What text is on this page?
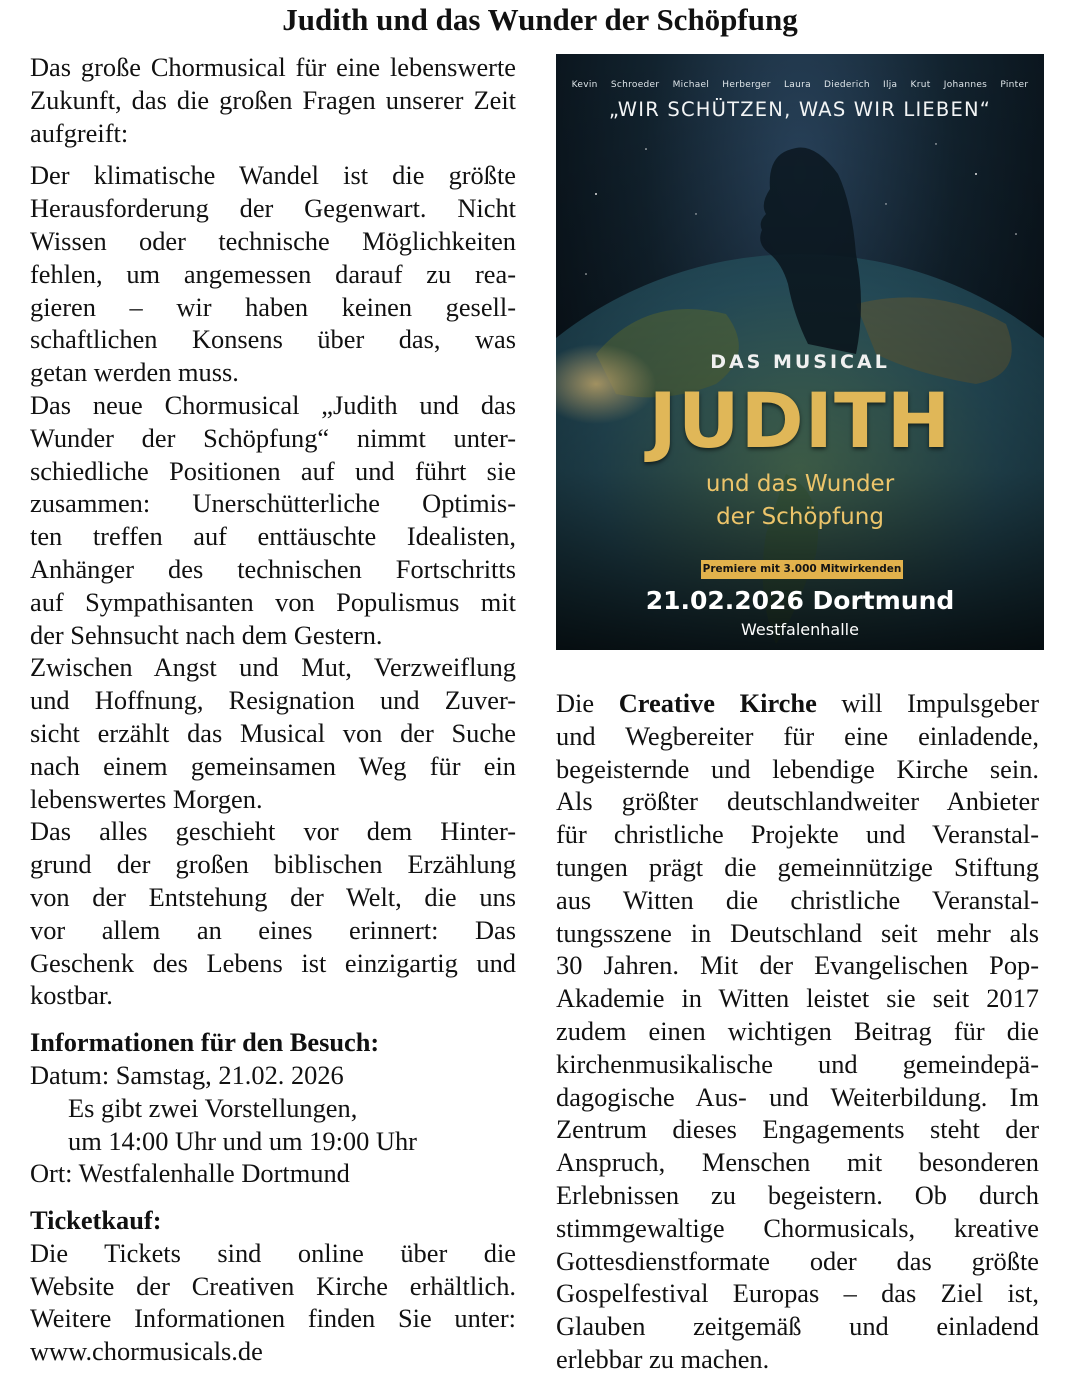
Judith und das Wunder der Schöpfung

Das große Chormusical für eine lebenswerte Zukunft, das die großen Fragen unserer Zeit aufgreift:

Der klimatische Wandel ist die größte

Herausforderung der Gegenwart. Nicht

Wissen oder technische Möglichkeiten

fehlen, um angemessen darauf zu rea-

gieren – wir haben keinen gesell-

schaftlichen Konsens über das, was

getan werden muss.

Das neue Chormusical „Judith und das

Wunder der Schöpfung“ nimmt unter-

schiedliche Positionen auf und führt sie

zusammen: Unerschütterliche Optimis-

ten treffen auf enttäuschte Idealisten,

Anhänger des technischen Fortschritts

auf Sympathisanten von Populismus mit

der Sehnsucht nach dem Gestern.

Zwischen Angst und Mut, Verzweiflung

und Hoffnung, Resignation und Zuver-

sicht erzählt das Musical von der Suche

nach einem gemeinsamen Weg für ein

lebenswertes Morgen.

Das alles geschieht vor dem Hinter-

grund der großen biblischen Erzählung

von der Entstehung der Welt, die uns

vor allem an eines erinnert: Das

Geschenk des Lebens ist einzigartig und

kostbar.

Informationen für den Besuch:

Datum: Samstag, 21.02. 2026

Es gibt zwei Vorstellungen,

um 14:00 Uhr und um 19:00 Uhr

Ort: Westfalenhalle Dortmund

Ticketkauf:

Die Tickets sind online über die

Website der Creativen Kirche erhältlich.

Weitere Informationen finden Sie unter:

www.chormusicals.de

Kevin Schroeder Michael Herberger Laura Diederich Ilja Krut Johannes Pinter
„WIR SCHÜTZEN, WAS WIR LIEBEN“
DAS MUSICAL
JUDITH
und das Wunder
der Schöpfung
Premiere mit 3.000 Mitwirkenden
21.02.2026 Dortmund
Westfalenhalle

Die Creative Kirche will Impulsgeber

und Wegbereiter für eine einladende,

begeisternde und lebendige Kirche sein.

Als größter deutschlandweiter Anbieter

für christliche Projekte und Veranstal-

tungen prägt die gemeinnützige Stiftung

aus Witten die christliche Veranstal-

tungsszene in Deutschland seit mehr als

30 Jahren. Mit der Evangelischen Pop-

Akademie in Witten leistet sie seit 2017

zudem einen wichtigen Beitrag für die

kirchenmusikalische und gemeindepä-

dagogische Aus- und Weiterbildung. Im

Zentrum dieses Engagements steht der

Anspruch, Menschen mit besonderen

Erlebnissen zu begeistern. Ob durch

stimmgewaltige Chormusicals, kreative

Gottesdienstformate oder das größte

Gospelfestival Europas – das Ziel ist,

Glauben zeitgemäß und einladend

erlebbar zu machen.
